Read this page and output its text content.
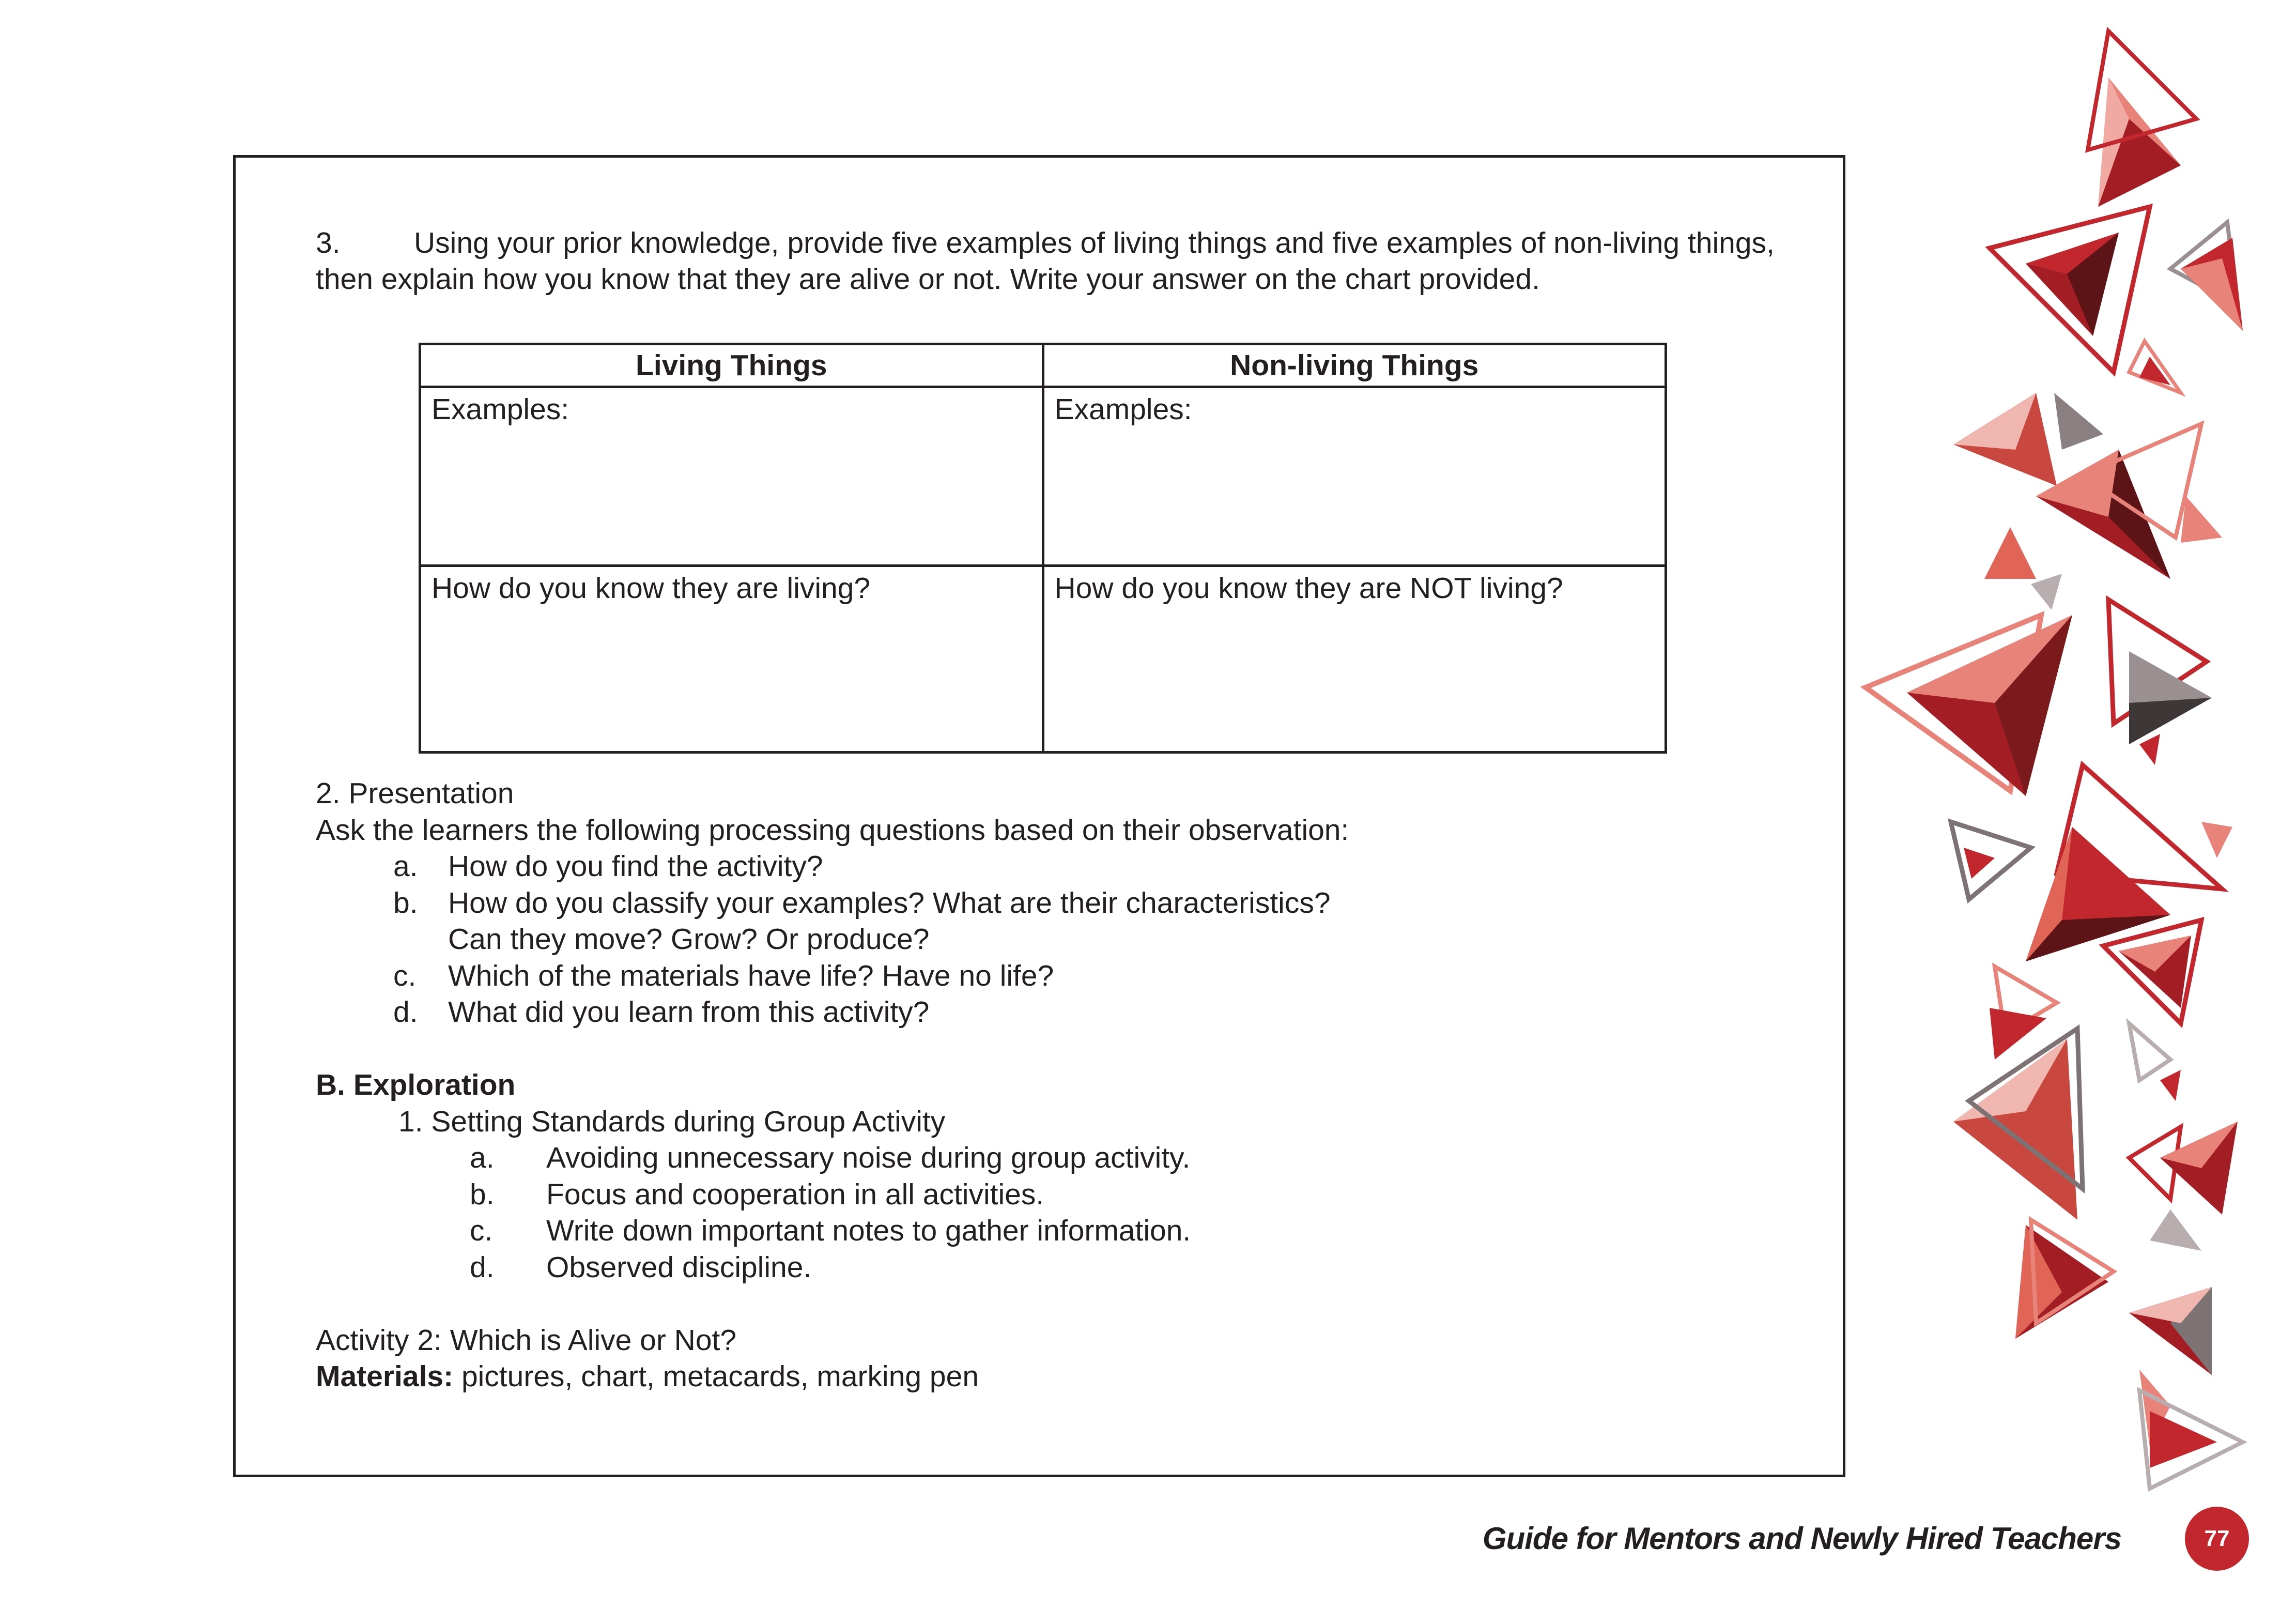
3. Using your prior knowledge, provide five examples of living things and five examples of non-living things,

then explain how you know that they are alive or not. Write your answer on the chart provided.

Living Things	Non-living Things
Examples:	Examples:
How do you know they are living?	How do you know they are NOT living?

2. Presentation

Ask the learners the following processing questions based on their observation:

a. How do you find the activity?

b. How do you classify your examples? What are their characteristics?

Can they move? Grow? Or produce?

c. Which of the materials have life? Have no life?

d. What did you learn from this activity?

B. Exploration

1. Setting Standards during Group Activity

a. Avoiding unnecessary noise during group activity.

b. Focus and cooperation in all activities.

c. Write down important notes to gather information.

d. Observed discipline.

Activity 2: Which is Alive or Not?

Materials: pictures, chart, metacards, marking pen

Guide for Mentors and Newly Hired Teachers	77
